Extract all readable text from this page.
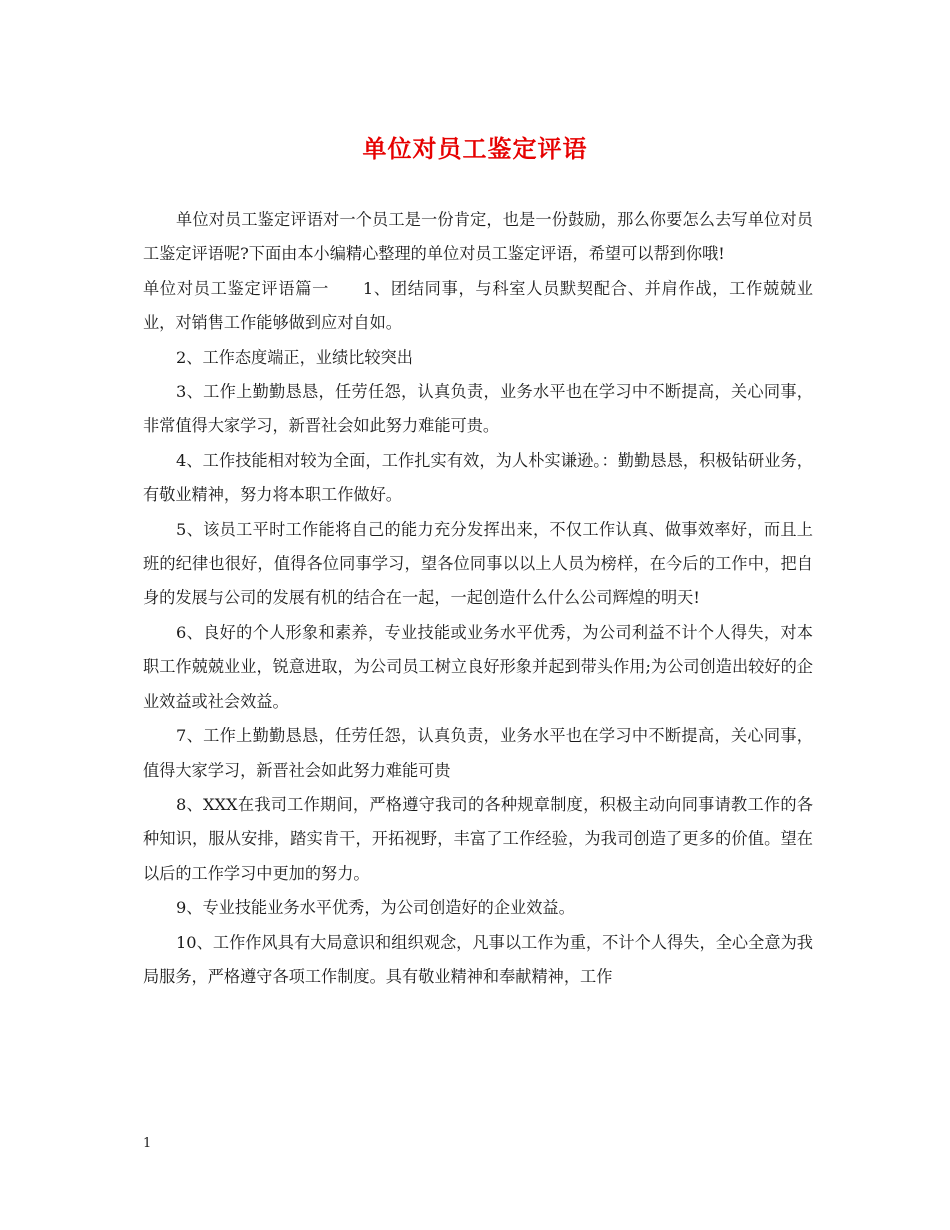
单位对员工鉴定评语

单位对员工鉴定评语对一个员工是一份肯定，也是一份鼓励，那么你要怎么去写单位对员工鉴定评语呢?下面由本小编精心整理的单位对员工鉴定评语，希望可以帮到你哦!

单位对员工鉴定评语篇一　　1、团结同事，与科室人员默契配合、并肩作战，工作兢兢业业，对销售工作能够做到应对自如。

2、工作态度端正，业绩比较突出

3、工作上勤勤恳恳，任劳任怨，认真负责，业务水平也在学习中不断提高，关心同事，非常值得大家学习，新晋社会如此努力难能可贵。

4、工作技能相对较为全面，工作扎实有效，为人朴实谦逊。：勤勤恳恳，积极钻研业务，有敬业精神，努力将本职工作做好。

5、该员工平时工作能将自己的能力充分发挥出来，不仅工作认真、做事效率好，而且上班的纪律也很好，值得各位同事学习，望各位同事以以上人员为榜样，在今后的工作中，把自身的发展与公司的发展有机的结合在一起，一起创造什么什么公司辉煌的明天!

6、良好的个人形象和素养，专业技能或业务水平优秀，为公司利益不计个人得失，对本职工作兢兢业业，锐意进取，为公司员工树立良好形象并起到带头作用;为公司创造出较好的企业效益或社会效益。

7、工作上勤勤恳恳，任劳任怨，认真负责，业务水平也在学习中不断提高，关心同事，值得大家学习，新晋社会如此努力难能可贵

8、XXX在我司工作期间，严格遵守我司的各种规章制度，积极主动向同事请教工作的各种知识，服从安排，踏实肯干，开拓视野，丰富了工作经验，为我司创造了更多的价值。望在以后的工作学习中更加的努力。

9、专业技能业务水平优秀，为公司创造好的企业效益。

10、工作作风具有大局意识和组织观念，凡事以工作为重，不计个人得失，全心全意为我局服务，严格遵守各项工作制度。具有敬业精神和奉献精神，工作

1
